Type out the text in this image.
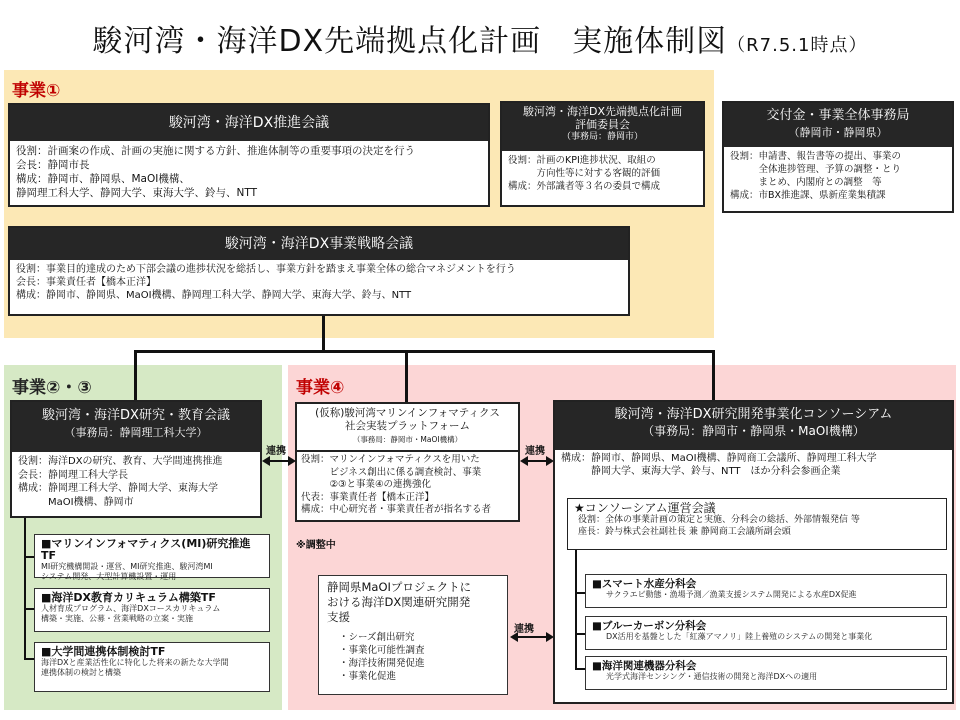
駿河湾・海洋DX先端拠点化計画　実施体制図（R7.5.1時点）
事業①
事業②・③	事業④
駿河湾・海洋DX推進会議
役割：計画案の作成、計画の実施に関する方針、推進体制等の重要事項の決定を行う
会長：静岡市長
構成：静岡市、静岡県、MaOI機構、
静岡理工科大学、静岡大学、東海大学、鈴与、NTT
駿河湾・海洋DX先端拠点化計画
評価委員会
（事務局：静岡市）
役割：計画のKPI進捗状況、取組の
　　　方向性等に対する客観的評価
構成：外部識者等３名の委員で構成
交付金・事業全体事務局
（静岡市・静岡県）
役割：申請書、報告書等の提出、事業の
　　　全体進捗管理、予算の調整・とり
　　　まとめ、内閣府との調整　等
構成：市BX推進課、県新産業集積課
駿河湾・海洋DX事業戦略会議
役割：事業目的達成のため下部会議の進捗状況を総括し、事業方針を踏まえ事業全体の総合マネジメントを行う
会長：事業責任者【橋本正洋】
構成：静岡市、静岡県、MaOI機構、静岡理工科大学、静岡大学、東海大学、鈴与、NTT
駿河湾・海洋DX研究・教育会議
（事務局：静岡理工科大学）
役割：海洋DXの研究、教育、大学間連携推進
会長：静岡理工科大学長
構成：静岡理工科大学、静岡大学、東海大学
　　　MaOI機構、静岡市
■マリンインフォマティクス(MI)研究推進TF
MI研究機構開設・運営、MI研究推進、駿河湾MI
システム開発、大型計算機設置・運用
■海洋DX教育カリキュラム構築TF
人材育成プログラム、海洋DXコースカリキュラム
構築・実施、公募・営業戦略の立案・実施
■大学間連携体制検討TF
海洋DXと産業活性化に特化した将来の新たな大学間
連携体制の検討と構築
(仮称)駿河湾マリンインフォマティクス
社会実装プラットフォーム
（事務局：静岡市・MaOI機構）
役割：マリンインフォマティクスを用いた
　　　ビジネス創出に係る調査検討、事業
　　　②③と事業④の連携強化
代表：事業責任者【橋本正洋】
構成：中心研究者・事業責任者が指名する者
※調整中
連携	連携
連携
静岡県MaOIプロジェクトに
おける海洋DX関連研究開発
支援
・シーズ創出研究
・事業化可能性調査
・海洋技術開発促進
・事業化促進
駿河湾・海洋DX研究開発事業化コンソーシアム
（事務局：静岡市・静岡県・MaOI機構）
構成：静岡市、静岡県、MaOI機構、静岡商工会議所、静岡理工科大学
　　　静岡大学、東海大学、鈴与、NTT　ほか分科会参画企業
★コンソーシアム運営会議
役割：全体の事業計画の策定と実施、分科会の総括、外部情報発信 等
座長：鈴与株式会社副社長 兼 静岡商工会議所副会頭
■スマート水産分科会
サクラエビ動態・漁場予測／漁業支援システム開発による水産DX促進
■ブルーカーボン分科会
DX活用を基盤とした「紅藻アマノリ」陸上養殖のシステムの開発と事業化
■海洋関連機器分科会
光学式海洋センシング・通信技術の開発と海洋DXへの適用
